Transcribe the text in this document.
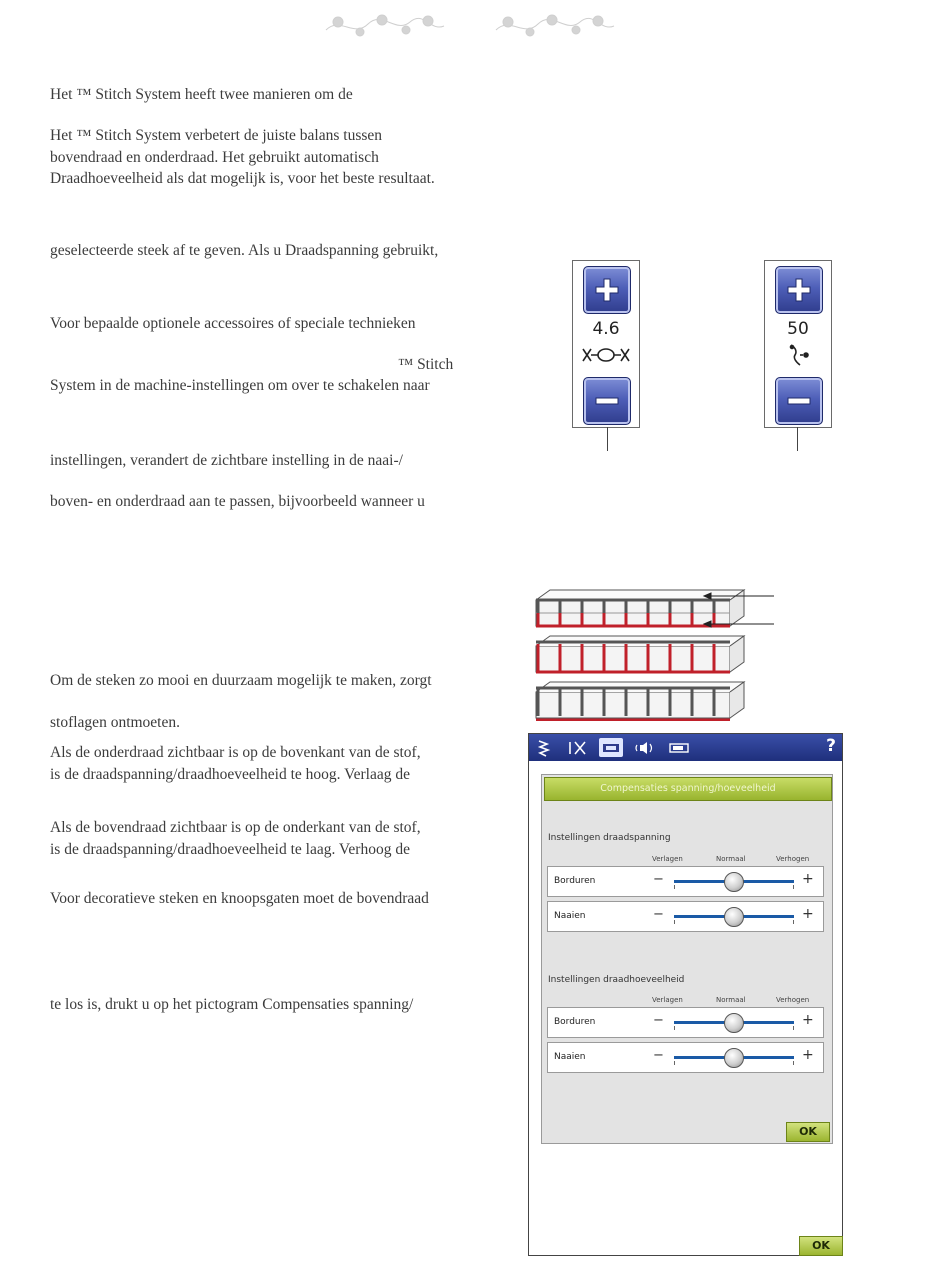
Het ™ Stitch System heeft twee manieren om de

Het ™ Stitch System verbetert de juiste balans tussen
bovendraad en onderdraad. Het gebruikt automatisch
Draadhoeveelheid als dat mogelijk is, voor het beste resultaat.

geselecteerde steek af te geven. Als u Draadspanning gebruikt,

Voor bepaalde optionele accessoires of speciale technieken

™ Stitch

System in de machine-instellingen om over te schakelen naar

instellingen, verandert de zichtbare instelling in de naai-/

boven- en onderdraad aan te passen, bijvoorbeeld wanneer u

Om de steken zo mooi en duurzaam mogelijk te maken, zorgt

stoflagen ontmoeten.

Als de onderdraad zichtbaar is op de bovenkant van de stof,
is de draadspanning/draadhoeveelheid te hoog. Verlaag de

Als de bovendraad zichtbaar is op de onderkant van de stof,
is de draadspanning/draadhoeveelheid te laag. Verhoog de

Voor decoratieve steken en knoopsgaten moet de bovendraad

te los is, drukt u op het pictogram Compensaties spanning/

4.6	50
?
Compensaties spanning/hoeveelheid
Instellingen draadspanning
Verlagen	Normaal	Verhogen
Borduren	−	+
Naaien	−	+
Instellingen draadhoeveelheid
Verlagen	Normaal	Verhogen
Borduren	−	+
Naaien	−	+
OK
OK
